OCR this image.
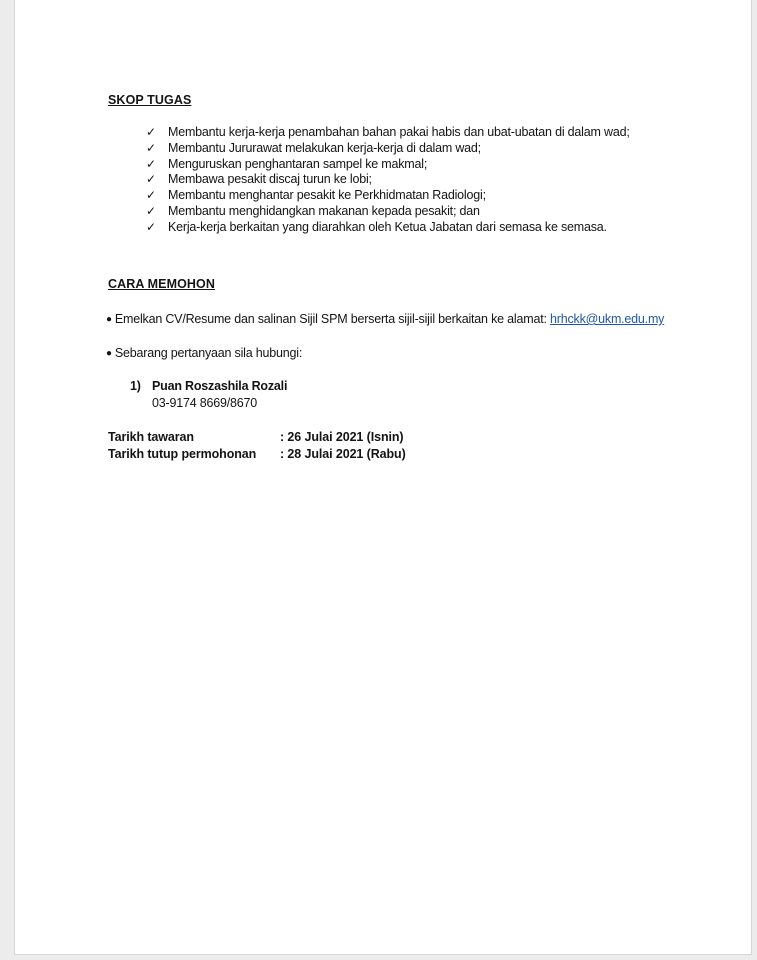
SKOP TUGAS
✓ Membantu kerja-kerja penambahan bahan pakai habis dan ubat-ubatan di dalam wad;
✓ Membantu Jururawat melakukan kerja-kerja di dalam wad;
✓ Menguruskan penghantaran sampel ke makmal;
✓ Membawa pesakit discaj turun ke lobi;
✓ Membantu menghantar pesakit ke Perkhidmatan Radiologi;
✓ Membantu menghidangkan makanan kepada pesakit; dan
✓ Kerja-kerja berkaitan yang diarahkan oleh Ketua Jabatan dari semasa ke semasa.
CARA MEMOHON
● Emelkan CV/Resume dan salinan Sijil SPM berserta sijil-sijil berkaitan ke alamat: hrhckk@ukm.edu.my
● Sebarang pertanyaan sila hubungi:
1) Puan Roszashila Rozali
03-9174 8669/8670
Tarikh tawaran	: 26 Julai 2021 (Isnin)
Tarikh tutup permohonan : 28 Julai 2021 (Rabu)
